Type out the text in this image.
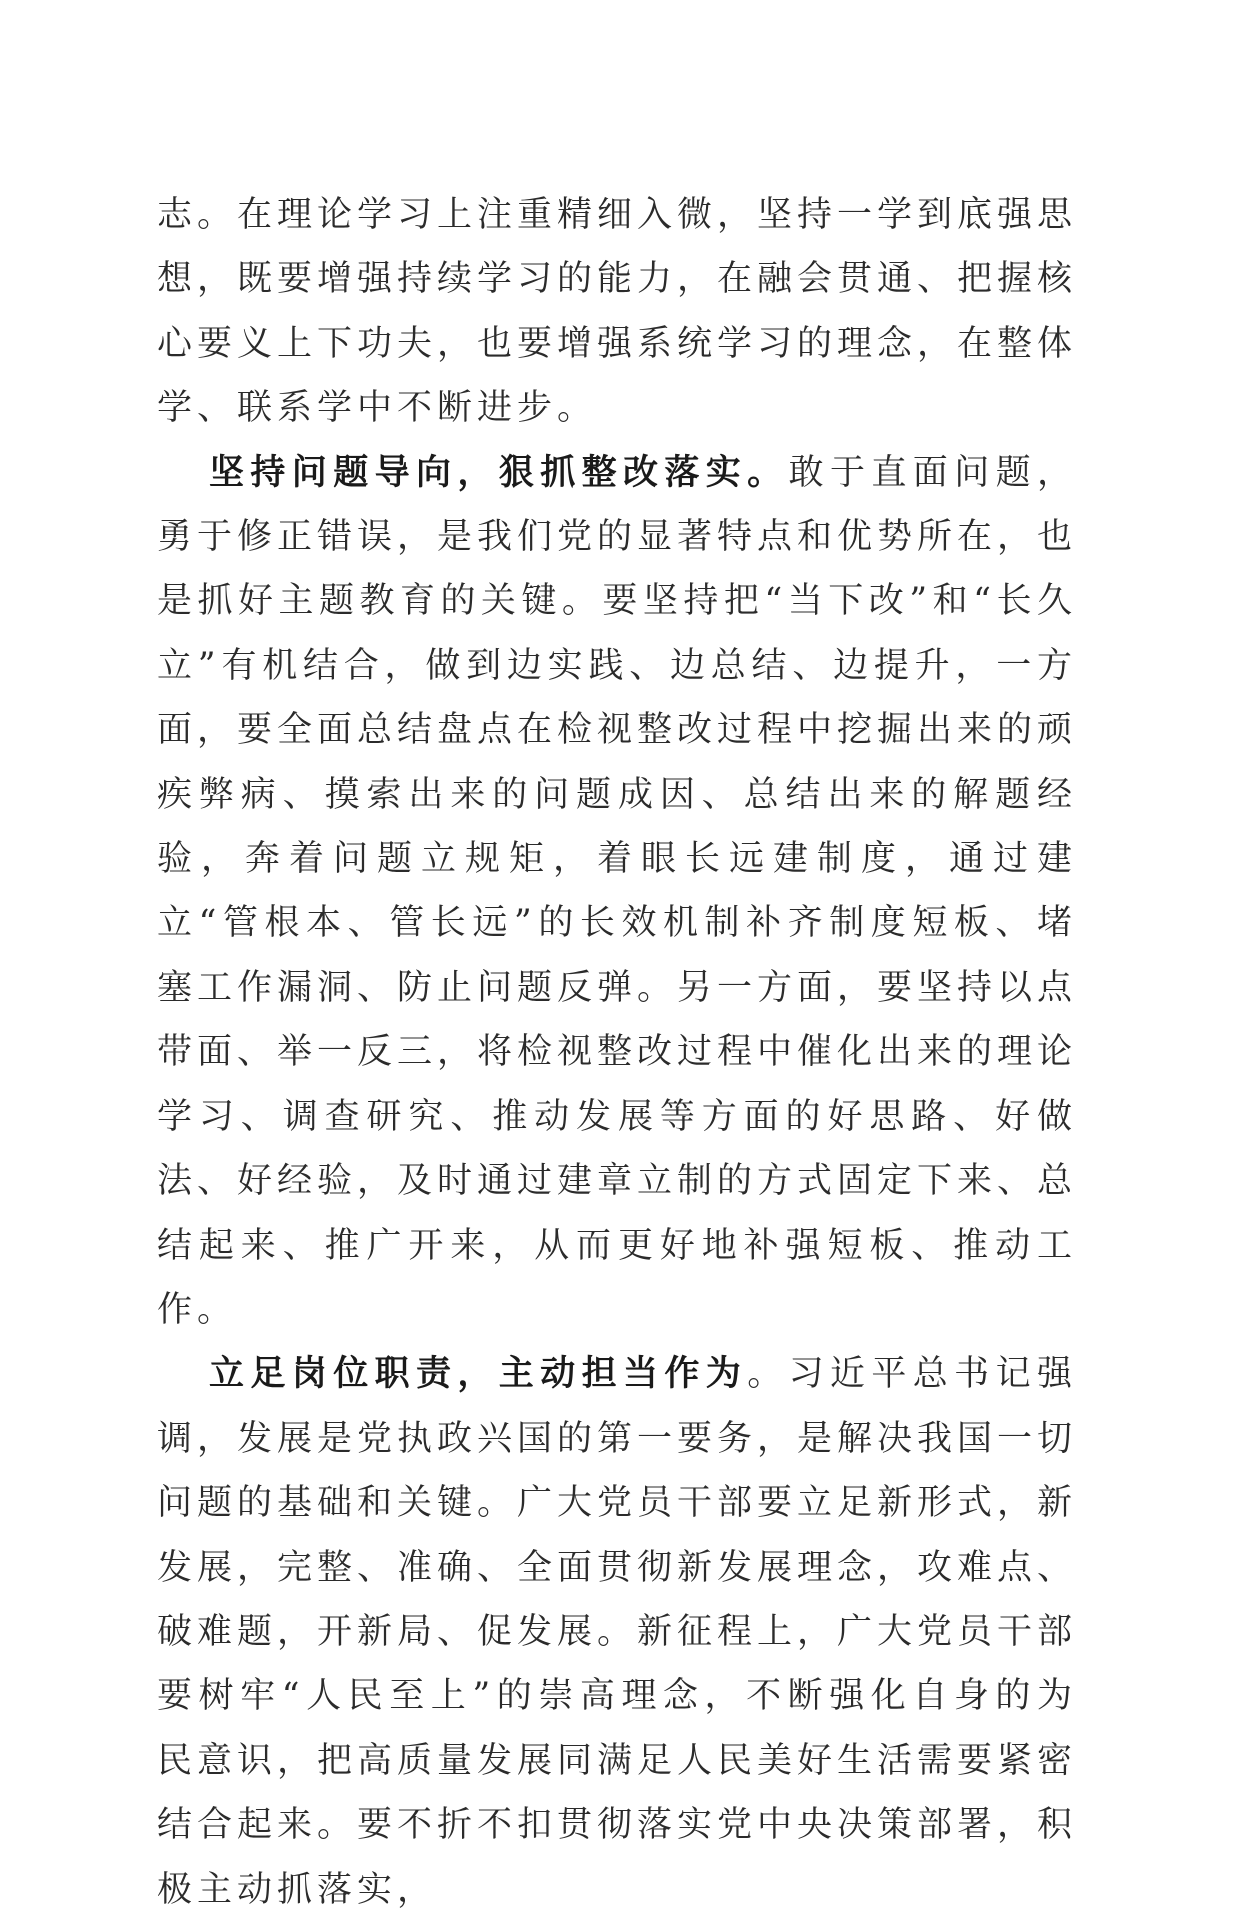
志。在理论学习上注重精细入微，坚持一学到底强思想，既要增强持续学习的能力，在融会贯通、把握核心要义上下功夫，也要增强系统学习的理念，在整体学、联系学中不断进步。

坚持问题导向，狠抓整改落实。敢于直面问题，勇于修正错误，是我们党的显著特点和优势所在，也是抓好主题教育的关键。要坚持把“当下改”和“长久立”有机结合，做到边实践、边总结、边提升，一方面，要全面总结盘点在检视整改过程中挖掘出来的顽疾弊病、摸索出来的问题成因、总结出来的解题经验，奔着问题立规矩，着眼长远建制度，通过建立“管根本、管长远”的长效机制补齐制度短板、堵塞工作漏洞、防止问题反弹。另一方面，要坚持以点带面、举一反三，将检视整改过程中催化出来的理论学习、调查研究、推动发展等方面的好思路、好做法、好经验，及时通过建章立制的方式固定下来、总结起来、推广开来，从而更好地补强短板、推动工作。

立足岗位职责，主动担当作为。习近平总书记强调，发展是党执政兴国的第一要务，是解决我国一切问题的基础和关键。广大党员干部要立足新形式，新发展，完整、准确、全面贯彻新发展理念，攻难点、破难题，开新局、促发展。新征程上，广大党员干部要树牢“人民至上”的崇高理念，不断强化自身的为民意识，把高质量发展同满足人民美好生活需要紧密结合起来。要不折不扣贯彻落实党中央决策部署，积极主动抓落实，
